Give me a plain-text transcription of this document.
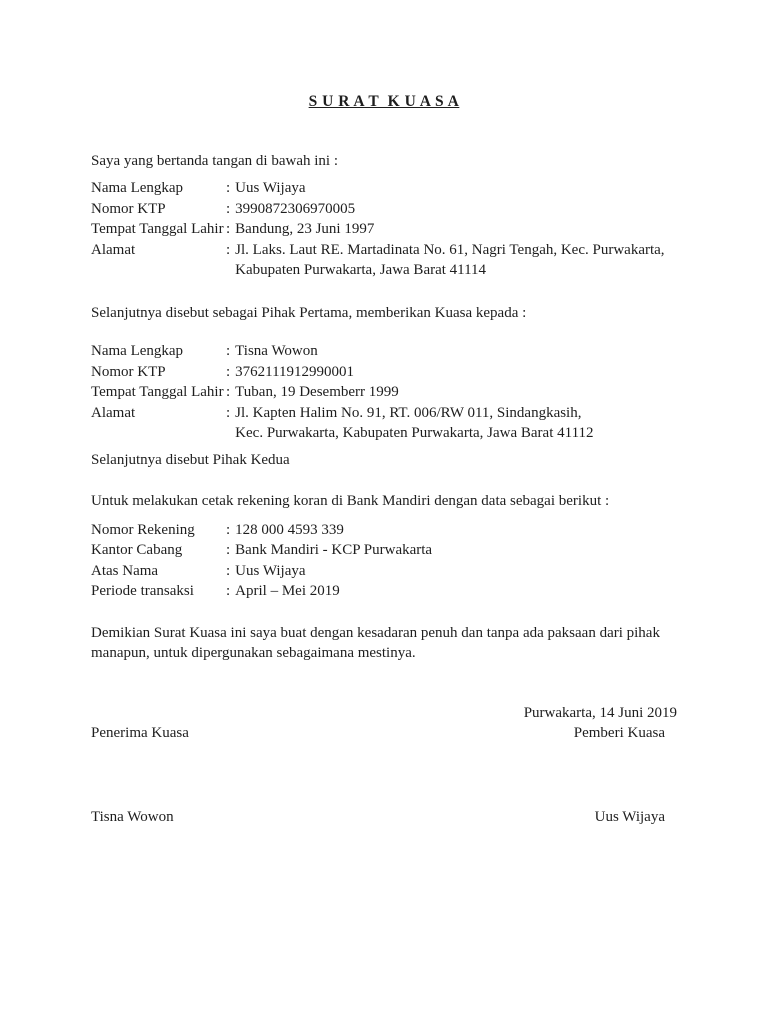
S U R A T  K U A S A

Saya yang bertanda tangan di bawah ini :

Nama Lengkap	: Uus Wijaya
Nomor KTP	: 3990872306970005
Tempat Tanggal Lahir : Bandung, 23 Juni 1997
Alamat	: Jl. Laks. Laut RE. Martadinata No. 61, Nagri Tengah, Kec. Purwakarta,
Kabupaten Purwakarta, Jawa Barat 41114

Selanjutnya disebut sebagai Pihak Pertama, memberikan Kuasa kepada :

Nama Lengkap	: Tisna Wowon
Nomor KTP	: 3762111912990001
Tempat Tanggal Lahir : Tuban, 19 Desemberr 1999
Alamat	: Jl. Kapten Halim No. 91, RT. 006/RW 011, Sindangkasih,
Kec. Purwakarta, Kabupaten Purwakarta, Jawa Barat 41112

Selanjutnya disebut Pihak Kedua

Untuk melakukan cetak rekening koran di Bank Mandiri dengan data sebagai berikut :

Nomor Rekening	: 128 000 4593 339
Kantor Cabang	: Bank Mandiri - KCP Purwakarta
Atas Nama	: Uus Wijaya
Periode transaksi	: April – Mei 2019

Demikian Surat Kuasa ini saya buat dengan kesadaran penuh dan tanpa ada paksaan dari pihak
manapun, untuk dipergunakan sebagaimana mestinya.

Purwakarta, 14 Juni 2019
Penerima Kuasa	Pemberi Kuasa
Tisna Wowon	Uus Wijaya
